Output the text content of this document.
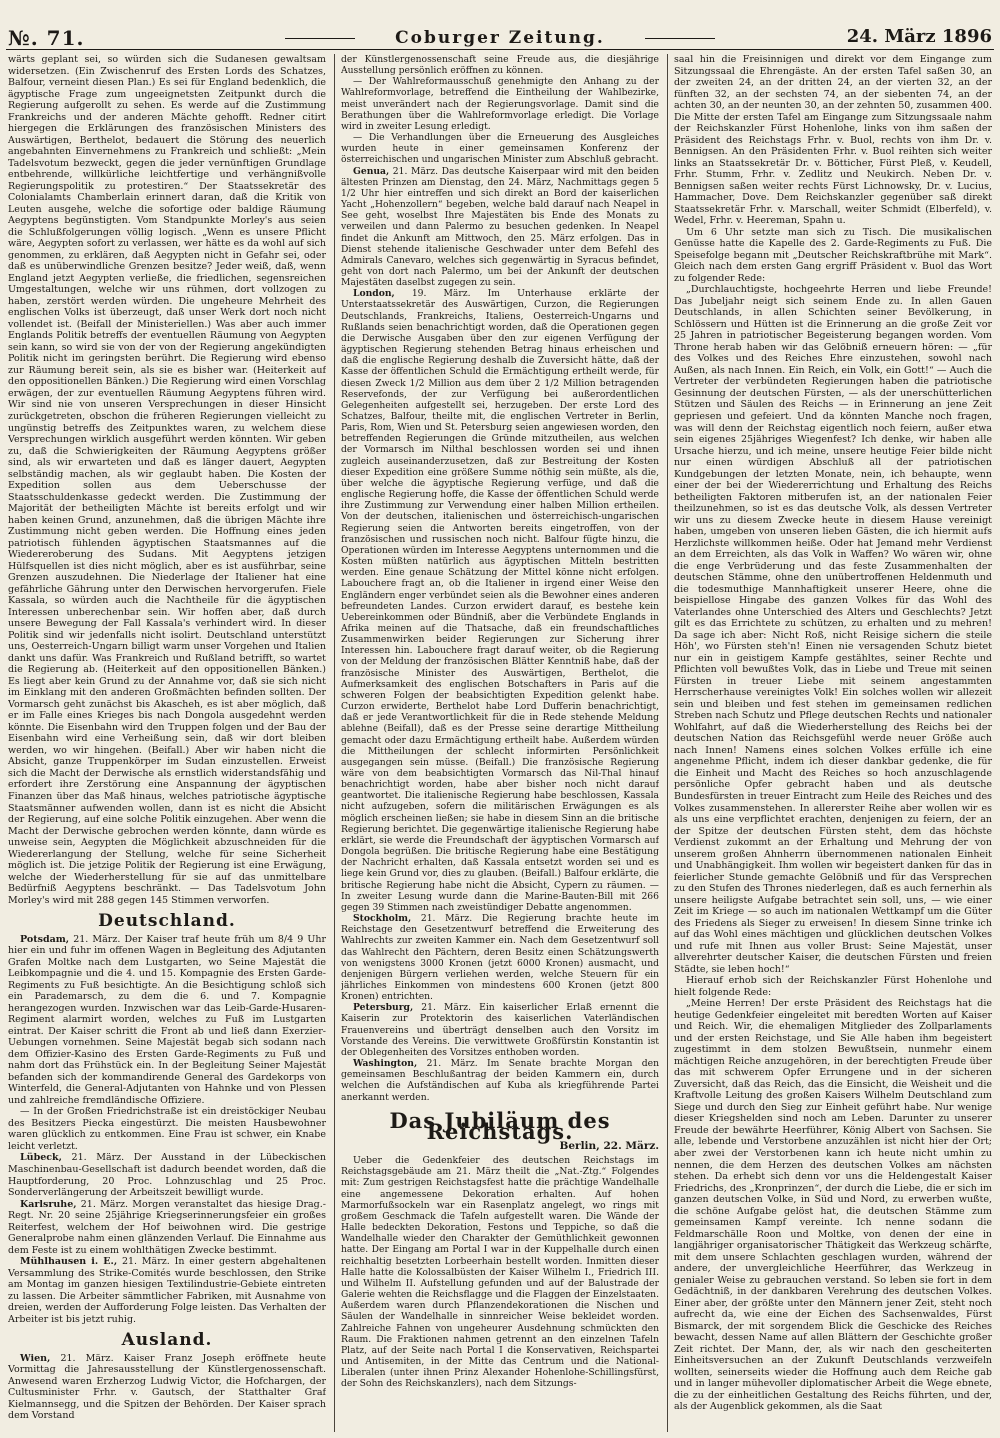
№. 71.	Coburger Zeitung.	24. März 1896

wärts geplant sei, so würden sich die Sudanesen gewaltsam widersetzen. (Ein Zwischenruf des Ersten Lords des Schatzes, Balfour, verneint diesen Plan.) Es sei für England bedenklich, die ägyptische Frage zum ungeeignetsten Zeitpunkt durch die Regierung aufgerollt zu sehen. Es werde auf die Zustimmung Frankreichs und der anderen Mächte gehofft. Redner citirt hiergegen die Erklärungen des französischen Ministers des Auswärtigen, Berthelot, bedauert die Störung des neuerlich angebahnten Einvernehmens zu Frankreich und schließt: „Mein Tadelsvotum bezweckt, gegen die jeder vernünftigen Grundlage entbehrende, willkürliche leichtfertige und verhängnißvolle Regierungspolitik zu protestiren.“ Der Staatssekretär des Colonialamts Chamberlain erinnert daran, daß die Kritik von Leuten ausgehe, welche die sofortige oder baldige Räumung Aegyptens begünstigten. Vom Standpunkte Morley's aus seien die Schlußfolgerungen völlig logisch. „Wenn es unsere Pflicht wäre, Aegypten sofort zu verlassen, wer hätte es da wohl auf sich genommen, zu erklären, daß Aegypten nicht in Gefahr sei, oder daß es unüberwindliche Grenzen besitze? Jeder weiß, daß, wenn England jetzt Aegypten verließe, die friedlichen, segensreichen Umgestaltungen, welche wir uns rühmen, dort vollzogen zu haben, zerstört werden würden. Die ungeheure Mehrheit des englischen Volks ist überzeugt, daß unser Werk dort noch nicht vollendet ist. (Beifall der Ministeriellen.) Was aber auch immer Englands Politik betreffs der eventuellen Räumung von Aegypten sein kann, so wird sie von der von der Regierung angekündigten Politik nicht im geringsten berührt. Die Regierung wird ebenso zur Räumung bereit sein, als sie es bisher war. (Heiterkeit auf den oppositionellen Bänken.) Die Regierung wird einen Vorschlag erwägen, der zur eventuellen Räumung Aegyptens führen wird. Wir sind nie von unseren Versprechungen in dieser Hinsicht zurückgetreten, obschon die früheren Regierungen vielleicht zu ungünstig betreffs des Zeitpunktes waren, zu welchem diese Versprechungen wirklich ausgeführt werden könnten. Wir geben zu, daß die Schwierigkeiten der Räumung Aegyptens größer sind, als wir erwarteten und daß es länger dauert, Aegypten selbständig machen, als wir geglaubt haben. Die Kosten der Expedition sollen aus dem Ueberschusse der Staatsschuldenkasse gedeckt werden. Die Zustimmung der Majorität der betheiligten Mächte ist bereits erfolgt und wir haben keinen Grund, anzunehmen, daß die übrigen Mächte ihre Zustimmung nicht geben werden. Die Hoffnung eines jeden patriotisch fühlenden ägyptischen Staatsmannes auf die Wiedereroberung des Sudans. Mit Aegyptens jetzigen Hülfsquellen ist dies nicht möglich, aber es ist ausführbar, seine Grenzen auszudehnen. Die Niederlage der Italiener hat eine gefährliche Gährung unter den Derwischen hervorgerufen. Fiele Kassala, so würden auch die Nachtheile für die ägyptischen Interessen unberechenbar sein. Wir hoffen aber, daß durch unsere Bewegung der Fall Kassala's verhindert wird. In dieser Politik sind wir jedenfalls nicht isolirt. Deutschland unterstützt uns, Oesterreich-Ungarn billigt warm unser Vorgehen und Italien dankt uns dafür. Was Frankreich und Rußland betrifft, so wartet die Regierung ab. (Heiterkeit auf den oppositionellen Bänken.) Es liegt aber kein Grund zu der Annahme vor, daß sie sich nicht im Einklang mit den anderen Großmächten befinden sollten. Der Vormarsch geht zunächst bis Akascheh, es ist aber möglich, daß er im Falle eines Krieges bis nach Dongola ausgedehnt werden könnte. Die Eisenbahn wird den Truppen folgen und der Bau der Eisenbahn wird eine Verheißung sein, daß wir dort bleiben werden, wo wir hingehen. (Beifall.) Aber wir haben nicht die Absicht, ganze Truppenkörper im Sudan einzustellen. Erweist sich die Macht der Derwische als ernstlich widerstandsfähig und erfordert ihre Zerstörung eine Anspannung der ägyptischen Finanzen über das Maß hinaus, welches patriotische ägyptische Staatsmänner aufwenden wollen, dann ist es nicht die Absicht der Regierung, auf eine solche Politik einzugehen. Aber wenn die Macht der Derwische gebrochen werden könnte, dann würde es unweise sein, Aegypten die Möglichkeit abzuschneiden für die Wiedererlangung der Stellung, welche für seine Sicherheit möglich ist. Die jetzige Politik der Regierung ist eine Erwägung, welche der Wiederherstellung für sie auf das unmittelbare Bedürfniß Aegyptens beschränkt. — Das Tadelsvotum John Morley's wird mit 288 gegen 145 Stimmen verworfen.

Deutschland.

Potsdam, 21. März. Der Kaiser traf heute früh um 8/4 9 Uhr hier ein und fuhr im offenen Wagen in Begleitung des Adjutanten Grafen Moltke nach dem Lustgarten, wo Seine Majestät die Leibkompagnie und die 4. und 15. Kompagnie des Ersten Garde-Regiments zu Fuß besichtigte. An die Besichtigung schloß sich ein Parademarsch, zu dem die 6. und 7. Kompagnie herangezogen wurden. Inzwischen war das Leib-Garde-Husaren-Regiment alarmirt worden, welches zu Fuß im Lustgarten eintrat. Der Kaiser schritt die Front ab und ließ dann Exerzier-Uebungen vornehmen. Seine Majestät begab sich sodann nach dem Offizier-Kasino des Ersten Garde-Regiments zu Fuß und nahm dort das Frühstück ein. In der Begleitung Seiner Majestät befanden sich der kommandirende General des Gardekorps von Winterfeld, die General-Adjutanten von Hahnke und von Plessen und zahlreiche fremdländische Offiziere.

— In der Großen Friedrichstraße ist ein dreistöckiger Neubau des Besitzers Piecka eingestürzt. Die meisten Hausbewohner waren glücklich zu entkommen. Eine Frau ist schwer, ein Knabe leicht verletzt.

Lübeck, 21. März. Der Ausstand in der Lübeckischen Maschinenbau-Gesellschaft ist dadurch beendet worden, daß die Hauptforderung, 20 Proc. Lohnzuschlag und 25 Proc. Sonderverlängerung der Arbeitszeit bewilligt wurde.

Karlsruhe, 21. März. Morgen veranstaltet das hiesige Drag.-Regt. Nr. 20 seine 25jährige Kriegserinnerungsfeier ein großes Reiterfest, welchem der Hof beiwohnen wird. Die gestrige Generalprobe nahm einen glänzenden Verlauf. Die Einnahme aus dem Feste ist zu einem wohlthätigen Zwecke bestimmt.

Mühlhausen i. E., 21. März. In einer gestern abgehaltenen Versammlung des Strike-Comités wurde beschlossen, den Strike am Montag im ganzen hiesigen Textilindustrie-Gebiete eintreten zu lassen. Die Arbeiter sämmtlicher Fabriken, mit Ausnahme von dreien, werden der Aufforderung Folge leisten. Das Verhalten der Arbeiter ist bis jetzt ruhig.

Ausland.

Wien, 21. März. Kaiser Franz Joseph eröffnete heute Vormittag die Jahresausstellung der Künstlergenossenschaft. Anwesend waren Erzherzog Ludwig Victor, die Hofchargen, der Cultusminister Frhr. v. Gautsch, der Statthalter Graf Kielmannsegg, und die Spitzen der Behörden. Der Kaiser sprach dem Vorstand

der Künstlergenossenschaft seine Freude aus, die diesjährige Ausstellung persönlich eröffnen zu können.

— Der Wahlreformausschuß genehmigte den Anhang zu der Wahlreformvorlage, betreffend die Eintheilung der Wahlbezirke, meist unverändert nach der Regierungsvorlage. Damit sind die Berathungen über die Wahlreformvorlage erledigt. Die Vorlage wird in zweiter Lesung erledigt.

— Die Verhandlungen über die Erneuerung des Ausgleiches wurden heute in einer gemeinsamen Konferenz der österreichischen und ungarischen Minister zum Abschluß gebracht.

Genua, 21. März. Das deutsche Kaiserpaar wird mit den beiden ältesten Prinzen am Dienstag, den 24. März, Nachmittags gegen 5 1/2 Uhr hier eintreffen und sich direkt an Bord der kaiserlichen Yacht „Hohenzollern“ begeben, welche bald darauf nach Neapel in See geht, woselbst Ihre Majestäten bis Ende des Monats zu verweilen und dann Palermo zu besuchen gedenken. In Neapel findet die Ankunft am Mittwoch, den 25. März erfolgen. Das in Dienst stehende italienische Geschwader unter dem Befehl des Admirals Canevaro, welches sich gegenwärtig in Syracus befindet, geht von dort nach Palermo, um bei der Ankunft der deutschen Majestäten daselbst zugegen zu sein.

London, 19. März. Im Unterhause erklärte der Unterstaatssekretär des Auswärtigen, Curzon, die Regierungen Deutschlands, Frankreichs, Italiens, Oesterreich-Ungarns und Rußlands seien benachrichtigt worden, daß die Operationen gegen die Derwische Ausgaben über den zur eigenen Verfügung der ägyptischen Regierung stehenden Betrag hinaus erheischen und daß die englische Regierung deshalb die Zuversicht hätte, daß der Kasse der öffentlichen Schuld die Ermächtigung ertheilt werde, für diesen Zweck 1/2 Million aus dem über 2 1/2 Million betragenden Reservefonds, der zur Verfügung bei außerordentlichen Gelegenheiten aufgestellt sei, herzugeben. Der erste Lord des Schatzes, Balfour, theilte mit, die englischen Vertreter in Berlin, Paris, Rom, Wien und St. Petersburg seien angewiesen worden, den betreffenden Regierungen die Gründe mitzutheilen, aus welchen der Vormarsch im Nilthal beschlossen worden sei und ihnen zugleich auseinanderzusetzen, daß zur Bestreitung der Kosten dieser Expedition eine größere Summe nöthig sein müßte, als die, über welche die ägyptische Regierung verfüge, und daß die englische Regierung hoffe, die Kasse der öffentlichen Schuld werde ihre Zustimmung zur Verwendung einer halben Million ertheilen. Von der deutschen, italienischen und österreichisch-ungarischen Regierung seien die Antworten bereits eingetroffen, von der französischen und russischen noch nicht. Balfour fügte hinzu, die Operationen würden im Interesse Aegyptens unternommen und die Kosten müßten natürlich aus ägyptischen Mitteln bestritten werden. Eine genaue Schätzung der Mittel könne nicht erfolgen. Labouchere fragt an, ob die Italiener in irgend einer Weise den Engländern enger verbündet seien als die Bewohner eines anderen befreundeten Landes. Curzon erwidert darauf, es bestehe kein Uebereinkommen oder Bündniß, aber die Verbündete Englands in Afrika meinen auf die Thatsache, daß ein freundschaftliches Zusammenwirken beider Regierungen zur Sicherung ihrer Interessen hin. Labouchere fragt darauf weiter, ob die Regierung von der Meldung der französischen Blätter Kenntniß habe, daß der französische Minister des Auswärtigen, Berthelot, die Aufmerksamkeit des englischen Botschafters in Paris auf die schweren Folgen der beabsichtigten Expedition gelenkt habe. Curzon erwiderte, Berthelot habe Lord Dufferin benachrichtigt, daß er jede Verantwortlichkeit für die in Rede stehende Meldung ablehne (Beifall), daß es der Presse seine derartige Mittheilung gemacht oder dazu Ermächtigung ertheilt habe. Außerdem würden die Mittheilungen der schlecht informirten Persönlichkeit ausgegangen sein müsse. (Beifall.) Die französische Regierung wäre von dem beabsichtigten Vormarsch das Nil-Thal hinauf benachrichtigt worden, habe aber bisher noch nicht darauf geantwortet. Die italienische Regierung habe beschlossen, Kassala nicht aufzugeben, sofern die militärischen Erwägungen es als möglich erscheinen ließen; sie habe in diesem Sinn an die britische Regierung berichtet. Die gegenwärtige italienische Regierung habe erklärt, sie werde die Freundschaft der ägyptischen Vormarsch auf Dongola begrüßen. Die britische Regierung habe eine Bestätigung der Nachricht erhalten, daß Kassala entsetzt worden sei und es liege kein Grund vor, dies zu glauben. (Beifall.) Balfour erklärte, die britische Regierung habe nicht die Absicht, Cypern zu räumen. — In zweiter Lesung wurde dann die Marine-Bauten-Bill mit 266 gegen 39 Stimmen nach zweistündiger Debatte angenommen.

Stockholm, 21. März. Die Regierung brachte heute im Reichstage den Gesetzentwurf betreffend die Erweiterung des Wahlrechts zur zweiten Kammer ein. Nach dem Gesetzentwurf soll das Wahlrecht den Pächtern, deren Besitz einen Schätzungswerth von wenigstens 3000 Kronen (jetzt 6000 Kronen) ausmacht, und denjenigen Bürgern verliehen werden, welche Steuern für ein jährliches Einkommen von mindestens 600 Kronen (jetzt 800 Kronen) entrichten.

Petersburg, 21. März. Ein kaiserlicher Erlaß ernennt die Kaiserin zur Protektorin des kaiserlichen Vaterländischen Frauenvereins und überträgt denselben auch den Vorsitz im Vorstande des Vereins. Die verwittwete Großfürstin Konstantin ist der Oblegenheiten des Vorsitzes enthoben worden.

Washington, 21. März. Im Senate brachte Morgan den gemeinsamen Beschlußantrag der beiden Kammern ein, durch welchen die Aufständischen auf Kuba als kriegführende Partei anerkannt werden.

Das Jubiläum des Reichstags.
Berlin, 22. März.

Ueber die Gedenkfeier des deutschen Reichstags im Reichstagsgebäude am 21. März theilt die „Nat.-Ztg.“ Folgendes mit: Zum gestrigen Reichstagsfest hatte die prächtige Wandelhalle eine angemessene Dekoration erhalten. Auf hohen Marmorfußsockeln war ein Rasenplatz angelegt, wo rings mit großem Geschmack die Tafeln aufgestellt waren. Die Wände der Halle bedeckten Dekoration, Festons und Teppiche, so daß die Wandelhalle wieder den Charakter der Gemüthlichkeit gewonnen hatte. Der Eingang am Portal I war in der Kuppelhalle durch einen reichhaltig besetzten Lorbeerhain bestellt worden. Inmitten dieser Halle hatte die Kolossalbüsten der Kaiser Wilhelm I., Friedrich III. und Wilhelm II. Aufstellung gefunden und auf der Balustrade der Galerie wehten die Reichsflagge und die Flaggen der Einzelstaaten. Außerdem waren durch Pflanzendekorationen die Nischen und Säulen der Wandelhalle in sinnreicher Weise bekleidet worden. Zahlreiche Fahnen von ungeheurer Ausdehnung schmückten den Raum. Die Fraktionen nahmen getrennt an den einzelnen Tafeln Platz, auf der Seite nach Portal I die Konservativen, Reichspartei und Antisemiten, in der Mitte das Centrum und die National-Liberalen (unter ihnen Prinz Alexander Hohenlohe-Schillingsfürst, der Sohn des Reichskanzlers), nach dem Sitzungs-

saal hin die Freisinnigen und direkt vor dem Eingange zum Sitzungssaal die Ehrengäste. An der ersten Tafel saßen 30, an der zweiten 24, an der dritten 24, an der vierten 32, an der fünften 32, an der sechsten 74, an der siebenten 74, an der achten 30, an der neunten 30, an der zehnten 50, zusammen 400. Die Mitte der ersten Tafel am Eingange zum Sitzungssaale nahm der Reichskanzler Fürst Hohenlohe, links von ihm saßen der Präsident des Reichstags Frhr. v. Buol, rechts von ihm Dr. v. Bennigsen. An den Präsidenten Frhr. v. Buol reihten sich weiter links an Staatssekretär Dr. v. Bötticher, Fürst Pleß, v. Keudell, Frhr. Stumm, Frhr. v. Zedlitz und Neukirch. Neben Dr. v. Bennigsen saßen weiter rechts Fürst Lichnowsky, Dr. v. Lucius, Hammacher, Dove. Dem Reichskanzler gegenüber saß direkt Staatssekretär Frhr. v. Marschall, weiter Schmidt (Elberfeld), v. Wedel, Frhr. v. Heereman, Spahn u.

Um 6 Uhr setzte man sich zu Tisch. Die musikalischen Genüsse hatte die Kapelle des 2. Garde-Regiments zu Fuß. Die Speisefolge begann mit „Deutscher Reichskraftbrühe mit Mark“. Gleich nach dem ersten Gang ergriff Präsident v. Buol das Wort zu folgender Rede:

„Durchlauchtigste, hochgeehrte Herren und liebe Freunde! Das Jubeljahr neigt sich seinem Ende zu. In allen Gauen Deutschlands, in allen Schichten seiner Bevölkerung, in Schlössern und Hütten ist die Erinnerung an die große Zeit vor 25 Jahren in patriotischer Begeisterung begangen worden. Vom Throne herab haben wir das Gelöbniß erneuern hören: — „für des Volkes und des Reiches Ehre einzustehen, sowohl nach Außen, als nach Innen. Ein Reich, ein Volk, ein Gott!“ — Auch die Vertreter der verbündeten Regierungen haben die patriotische Gesinnung der deutschen Fürsten, — als der unerschütterlichen Stützen und Säulen des Reichs — in Erinnerung an jene Zeit gepriesen und gefeiert. Und da könnten Manche noch fragen, was will denn der Reichstag eigentlich noch feiern, außer etwa sein eigenes 25jähriges Wiegenfest? Ich denke, wir haben alle Ursache hierzu, und ich meine, unsere heutige Feier bilde nicht nur einen würdigen Abschluß all der patriotischen Kundgebungen der letzten Monate, nein, ich behaupte, wenn einer der bei der Wiedererrichtung und Erhaltung des Reichs betheiligten Faktoren mitberufen ist, an der nationalen Feier theilzunehmen, so ist es das deutsche Volk, als dessen Vertreter wir uns zu diesem Zwecke heute in diesem Hause vereinigt haben, umgeben von unseren lieben Gästen, die ich hiermit aufs Herzlichste willkommen heiße. Oder hat Jemand mehr Verdienst an dem Erreichten, als das Volk in Waffen? Wo wären wir, ohne die enge Verbrüderung und das feste Zusammenhalten der deutschen Stämme, ohne den unübertroffenen Heldenmuth und die todesmuthige Mannhaftigkeit unserer Heere, ohne die beispiellose Hingabe des ganzen Volkes für das Wohl des Vaterlandes ohne Unterschied des Alters und Geschlechts? Jetzt gilt es das Errichtete zu schützen, zu erhalten und zu mehren! Da sage ich aber: Nicht Roß, nicht Reisige sichern die steile Höh', wo Fürsten steh'n! Einen nie versagenden Schutz bietet nur ein in geistigem Kampfe gestähltes, seiner Rechte und Pflichten voll bewußtes Volk, das in Liebe und Treue mit seinen Fürsten in treuer Liebe mit seinem angestammten Herrscherhause vereinigtes Volk! Ein solches wollen wir allezeit sein und bleiben und fest stehen im gemeinsamen redlichen Streben nach Schutz und Pflege deutschen Rechts und nationaler Wohlfahrt, auf daß die Wiederherstellung des Reichs bei der deutschen Nation das Reichsgefühl werde neuer Größe auch nach Innen! Namens eines solchen Volkes erfülle ich eine angenehme Pflicht, indem ich dieser dankbar gedenke, die für die Einheit und Macht des Reiches so hoch anzuschlagende persönliche Opfer gebracht haben und als deutsche Bundesfürsten in treuer Eintracht zum Heile des Reiches und des Volkes zusammenstehen. In allererster Reihe aber wollen wir es als uns eine verpflichtet erachten, denjenigen zu feiern, der an der Spitze der deutschen Fürsten steht, dem das höchste Verdienst zukommt an der Erhaltung und Mehrung der von unserem großen Ahnherrn übernommenen nationalen Einheit und Unabhängigkeit. Ihm wollen wir begeistert danken für das in feierlicher Stunde gemachte Gelöbniß und für das Versprechen zu den Stufen des Thrones niederlegen, daß es auch fernerhin als unsere heiligste Aufgabe betrachtet sein soll, uns, — wie einer Zeit im Kriege — so auch im nationalen Wettkampf um die Güter des Friedens als Sieger zu erweisen! In diesem Sinne trinke ich auf das Wohl eines mächtigen und glücklichen deutschen Volkes und rufe mit Ihnen aus voller Brust: Seine Majestät, unser allverehrter deutscher Kaiser, die deutschen Fürsten und freien Städte, sie leben hoch!“

Hierauf erhob sich der Reichskanzler Fürst Hohenlohe und hielt folgende Rede:

„Meine Herren! Der erste Präsident des Reichstags hat die heutige Gedenkfeier eingeleitet mit beredten Worten auf Kaiser und Reich. Wir, die ehemaligen Mitglieder des Zollparlaments und der ersten Reichstage, und Sie Alle haben ihm begeistert zugestimmt in dem stolzen Bewußtsein, nunmehr einem mächtigen Reiche anzugehören, in der berechtigten Freude über das mit schwerem Opfer Errungene und in der sicheren Zuversicht, daß das Reich, das die Einsicht, die Weisheit und die Kraftvolle Leitung des großen Kaisers Wilhelm Deutschland zum Siege und durch den Sieg zur Einheit geführt habe. Nur wenige dieser Kriegshelden sind noch am Leben. Darunter zu unserer Freude der bewährte Heerführer, König Albert von Sachsen. Sie alle, lebende und Verstorbene anzuzählen ist nicht hier der Ort; aber zwei der Verstorbenen kann ich heute nicht umhin zu nennen, die dem Herzen des deutschen Volkes am nächsten stehen. Da erhebt sich denn vor uns die Heldengestalt Kaiser Friedrichs, des „Kronprinzen“, der durch die Liebe, die er sich im ganzen deutschen Volke, in Süd und Nord, zu erwerben wußte, die schöne Aufgabe gelöst hat, die deutschen Stämme zum gemeinsamen Kampf vereinte. Ich nenne sodann die Feldmarschälle Roon und Moltke, von denen der eine in langjähriger organisatorischer Thätigkeit das Werkzeug schärfte, mit dem unsere Schlachten geschlagen wurden, während der andere, der unvergleichliche Heerführer, das Werkzeug in genialer Weise zu gebrauchen verstand. So leben sie fort in dem Gedächtniß, in der dankbaren Verehrung des deutschen Volkes. Einer aber, der größte unter den Männern jener Zeit, steht noch aufrecht da, wie eine der Eichen des Sachsenwaldes, Fürst Bismarck, der mit sorgendem Blick die Geschicke des Reiches bewacht, dessen Name auf allen Blättern der Geschichte großer Zeit richtet. Der Mann, der, als wir nach den gescheiterten Einheitsversuchen an der Zukunft Deutschlands verzweifeln wollten, seinerseits wieder die Hoffnung auch dem Reiche gab und in langer mühevoller diplomatischer Arbeit die Wege ebnete, die zu der einheitlichen Gestaltung des Reichs führten, und der, als der Augenblick gekommen, als die Saat
